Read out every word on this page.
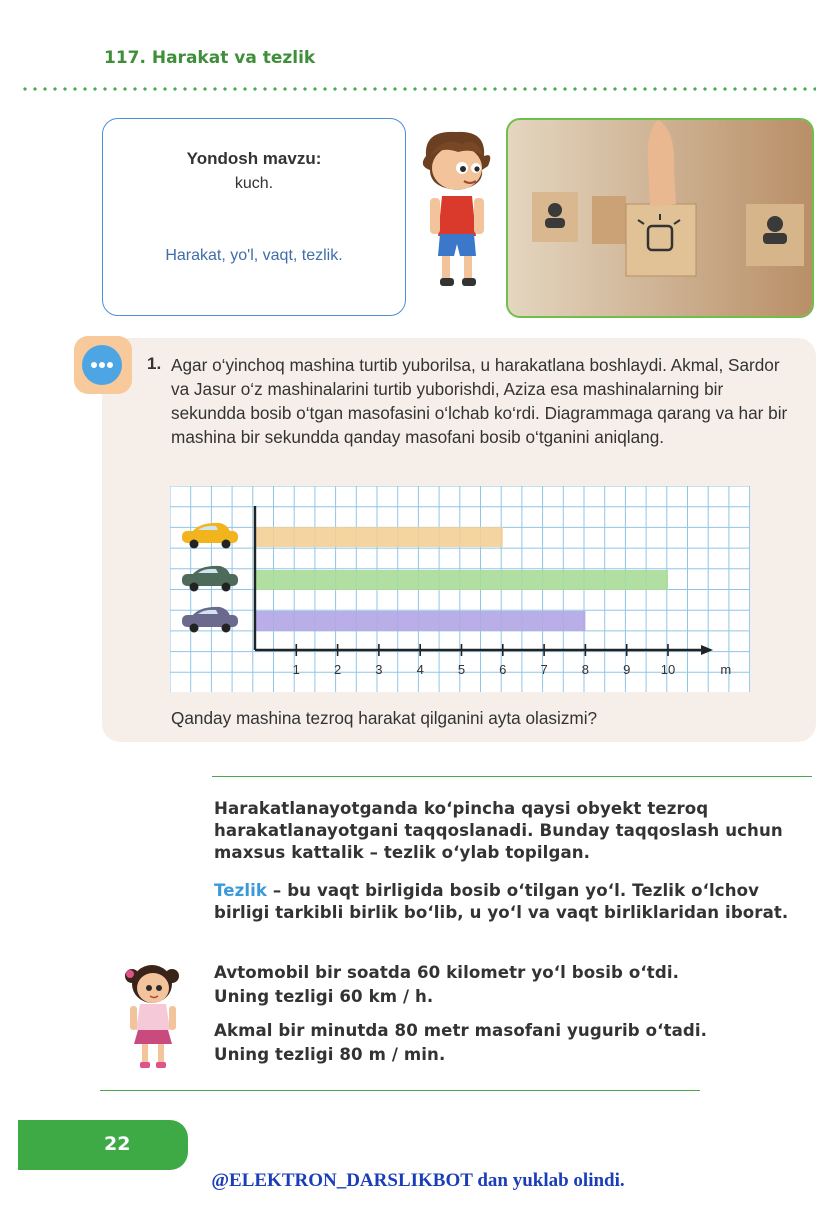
117. Harakat va tezlik
Yondosh mavzu:
kuch.
Harakat, yo'l, vaqt, tezlik.
1. Agar o‘yinchoq mashina turtib yuborilsa, u harakatlana boshlaydi. Akmal, Sardor va Jasur o‘z mashinalarini turtib yuborishdi, Aziza esa mashinalarning bir sekundda bosib o‘tgan masofasini o‘lchab ko‘rdi. Diagrammaga qarang va har bir mashina bir sekundda qanday masofani bosib o‘tganini aniqlang.
1	2	3	4	5	6	7	8	9 10	m
Qanday mashina tezroq harakat qilganini ayta olasizmi?
Harakatlanayotganda ko‘pincha qaysi obyekt tezroq harakatlanayotgani taqqoslanadi. Bunday taqqoslash uchun maxsus kattalik – tezlik o‘ylab topilgan.
Tezlik – bu vaqt birligida bosib o‘tilgan yo‘l. Tezlik o‘lchov birligi tarkibli birlik bo‘lib, u yo‘l va vaqt birliklaridan iborat.
Avtomobil bir soatda 60 kilometr yo‘l bosib o‘tdi.
Uning tezligi 60 km / h.
Akmal bir minutda 80 metr masofani yugurib o‘tadi.
Uning tezligi 80 m / min.
22
@ELEKTRON_DARSLIKBOT dan yuklab olindi.
